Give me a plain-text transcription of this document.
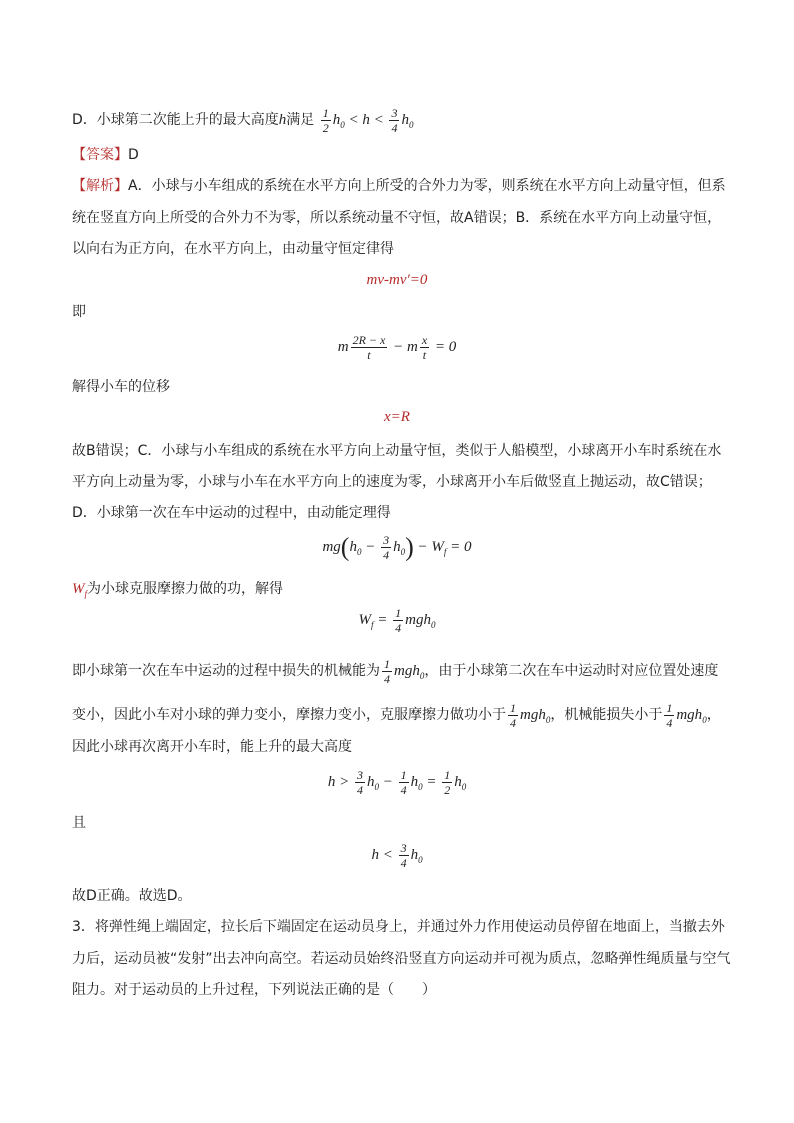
D．小球第二次能上升的最大高度h满足 $\frac{1}{2} h_0 < h < \frac{3}{4} h_0$
【答案】D
【解析】A．小球与小车组成的系统在水平方向上所受的合外力为零，则系统在水平方向上动量守恒，但系
统在竖直方向上所受的合外力不为零，所以系统动量不守恒，故A错误；B．系统在水平方向上动量守恒，
以向右为正方向，在水平方向上，由动量守恒定律得
mv-mv′=0
即
m $\frac{2R - x}{t} - m \frac{x}{t} = 0$
解得小车的位移
x=R
故B错误；C．小球与小车组成的系统在水平方向上动量守恒，类似于人船模型，小球离开小车时系统在水
平方向上动量为零，小球与小车在水平方向上的速度为零，小球离开小车后做竖直上抛运动，故C错误；
D．小球第一次在车中运动的过程中，由动能定理得
$mg(h_0 - \frac{3}{4} h_0) - W_f = 0$
$W_f$为小球克服摩擦力做的功，解得
$W_f = \frac{1}{4} mgh_0$
即小球第一次在车中运动的过程中损失的机械能为 $\frac{1}{4} mgh_0$，由于小球第二次在车中运动时对应位置处速度
变小，因此小车对小球的弹力变小，摩擦力变小，克服摩擦力做功小于 $\frac{1}{4} mgh_0$，机械能损失小于 $\frac{1}{4} mgh_0$，
因此小球再次离开小车时，能上升的最大高度
$h > \frac{3}{4} h_0 - \frac{1}{4} h_0 = \frac{1}{2} h_0$
且
$h < \frac{3}{4} h_0$
故D正确。故选D。
3．将弹性绳上端固定，拉长后下端固定在运动员身上，并通过外力作用使运动员停留在地面上，当撤去外
力后，运动员被“发射”出去冲向高空。若运动员始终沿竖直方向运动并可视为质点，忽略弹性绳质量与空气
阻力。对于运动员的上升过程，下列说法正确的是（　　）
